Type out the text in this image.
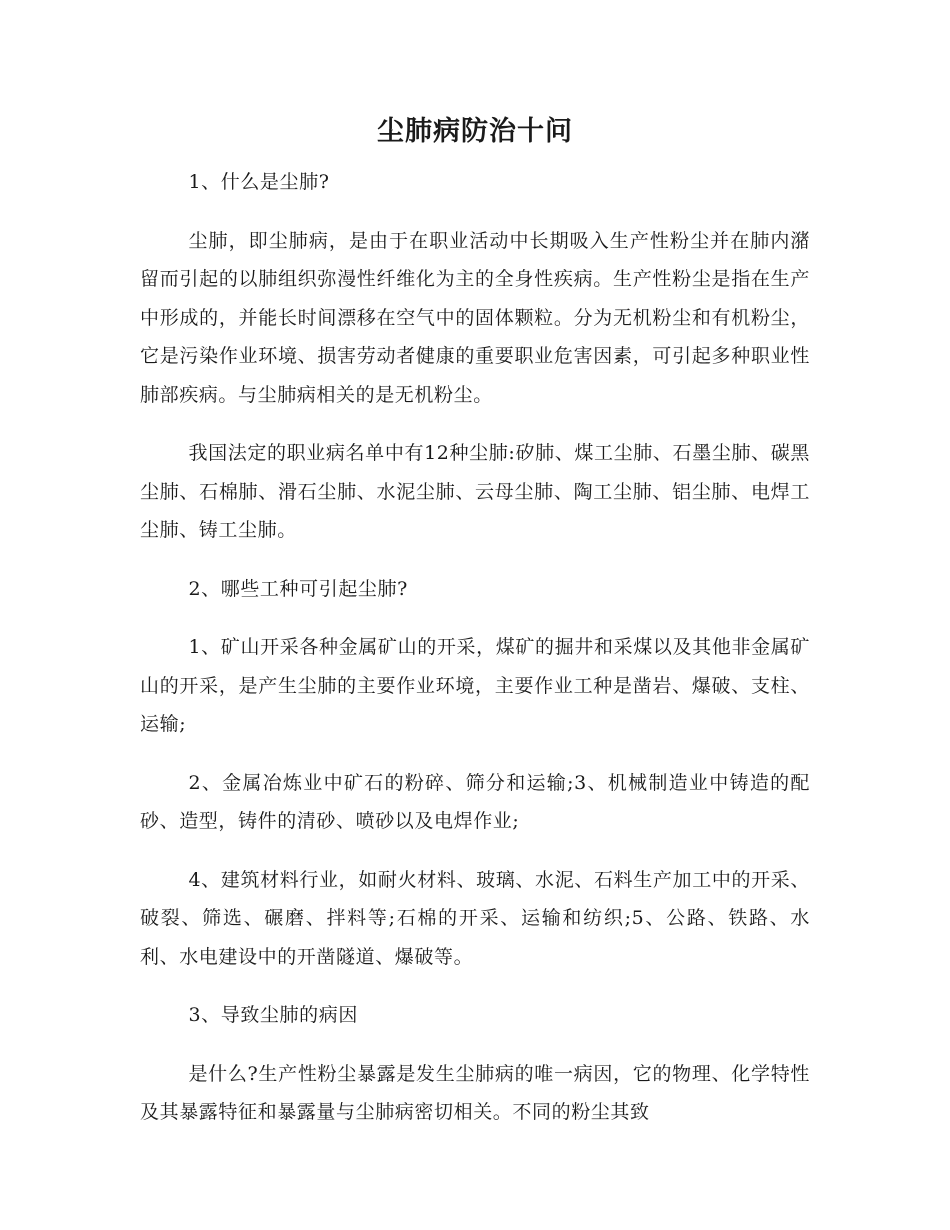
尘肺病防治十问

1、什么是尘肺?

尘肺，即尘肺病，是由于在职业活动中长期吸入生产性粉尘并在肺内潴留而引起的以肺组织弥漫性纤维化为主的全身性疾病。生产性粉尘是指在生产中形成的，并能长时间漂移在空气中的固体颗粒。分为无机粉尘和有机粉尘，它是污染作业环境、损害劳动者健康的重要职业危害因素，可引起多种职业性肺部疾病。与尘肺病相关的是无机粉尘。

我国法定的职业病名单中有12种尘肺:矽肺、煤工尘肺、石墨尘肺、碳黑尘肺、石棉肺、滑石尘肺、水泥尘肺、云母尘肺、陶工尘肺、铝尘肺、电焊工尘肺、铸工尘肺。

2、哪些工种可引起尘肺?

1、矿山开采各种金属矿山的开采，煤矿的掘井和采煤以及其他非金属矿山的开采，是产生尘肺的主要作业环境，主要作业工种是凿岩、爆破、支柱、运输;

2、金属冶炼业中矿石的粉碎、筛分和运输;3、机械制造业中铸造的配砂、造型，铸件的清砂、喷砂以及电焊作业;

4、建筑材料行业，如耐火材料、玻璃、水泥、石料生产加工中的开采、破裂、筛选、碾磨、拌料等;石棉的开采、运输和纺织;5、公路、铁路、水利、水电建设中的开凿隧道、爆破等。

3、导致尘肺的病因

是什么?生产性粉尘暴露是发生尘肺病的唯一病因，它的物理、化学特性及其暴露特征和暴露量与尘肺病密切相关。不同的粉尘其致
